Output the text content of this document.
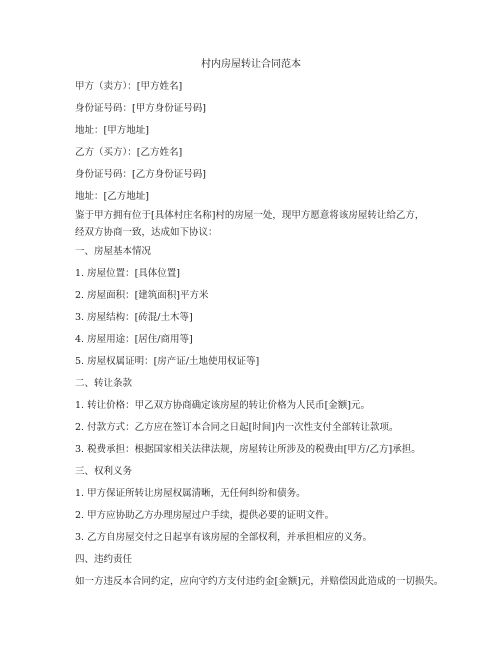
村内房屋转让合同范本
甲方（卖方）：[甲方姓名]
身份证号码：[甲方身份证号码]
地址：[甲方地址]
乙方（买方）：[乙方姓名]
身份证号码：[乙方身份证号码]
地址：[乙方地址]
鉴于甲方拥有位于[具体村庄名称]村的房屋一处，现甲方愿意将该房屋转让给乙方，经双方协商一致，达成如下协议：
一、房屋基本情况
1. 房屋位置：[具体位置]
2. 房屋面积：[建筑面积]平方米
3. 房屋结构：[砖混/土木等]
4. 房屋用途：[居住/商用等]
5. 房屋权属证明：[房产证/土地使用权证等]
二、转让条款
1. 转让价格：甲乙双方协商确定该房屋的转让价格为人民币[金额]元。
2. 付款方式：乙方应在签订本合同之日起[时间]内一次性支付全部转让款项。
3. 税费承担：根据国家相关法律法规，房屋转让所涉及的税费由[甲方/乙方]承担。
三、权利义务
1. 甲方保证所转让房屋权属清晰，无任何纠纷和债务。
2. 甲方应协助乙方办理房屋过户手续，提供必要的证明文件。
3. 乙方自房屋交付之日起享有该房屋的全部权利，并承担相应的义务。
四、违约责任
如一方违反本合同约定，应向守约方支付违约金[金额]元，并赔偿因此造成的一切损失。
